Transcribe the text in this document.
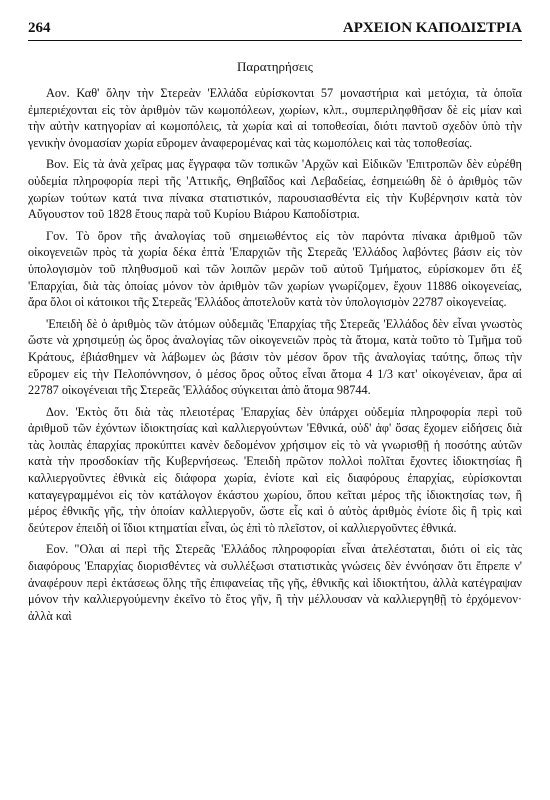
264	ΑΡΧΕΙΟΝ ΚΑΠΟΔΙΣΤΡΙΑ
Παρατηρήσεις

Αον. Καθ' ὅλην τὴν Στερεὰν 'Ελλάδα εὑρίσκονται 57 μοναστήρια καὶ μετόχια, τὰ ὁποῖα ἐμπεριέχονται εἰς τὸν ἀριθμὸν τῶν κωμοπόλεων, χωρίων, κλπ., συμπεριληφθῆσαν δὲ εἰς μίαν καὶ τὴν αὐτὴν κατηγορίαν αἱ κωμοπόλεις, τὰ χωρία καὶ αἱ τοποθεσίαι, διότι παντοῦ σχεδὸν ὑπὸ τὴν γενικὴν ὀνομασίαν χωρία εὕρομεν ἀναφερομένας καὶ τὰς κωμοπόλεις καὶ τὰς τοποθεσίας.

Βον. Εἰς τὰ ἀνὰ χεῖρας μας ἔγγραφα τῶν τοπικῶν 'Αρχῶν καὶ Εἰδικῶν 'Επιτροπῶν δὲν εὑρέθη οὐδεμία πληροφορία περὶ τῆς 'Αττικῆς, Θηβαΐδος καὶ Λεβαδείας, ἐσημειώθη δὲ ὁ ἀριθμὸς τῶν χωρίων τούτων κατά τινα πίνακα στατιστικόν, παρουσιασθέντα εἰς τὴν Κυβέρνησιν κατὰ τὸν Αὔγουστον τοῦ 1828 ἔτους παρὰ τοῦ Κυρίου Βιάρου Καποδίστρια.

Γον. Τὸ ὅρον τῆς ἀναλογίας τοῦ σημειωθέντος εἰς τὸν παρόντα πίνακα ἀριθμοῦ τῶν οἰκογενειῶν πρὸς τὰ χωρία δέκα ἑπτὰ 'Επαρχιῶν τῆς Στερεᾶς 'Ελλάδος λαβόντες βάσιν εἰς τὸν ὑπολογισμὸν τοῦ πληθυσμοῦ καὶ τῶν λοιπῶν μερῶν τοῦ αὐτοῦ Τμήματος, εὑρίσκομεν ὅτι ἐξ 'Επαρχίαι, διὰ τὰς ὁποίας μόνον τὸν ἀριθμὸν τῶν χωρίων γνωρίζομεν, ἔχουν 11886 οἰκογενείας, ἄρα ὅλοι οἱ κάτοικοι τῆς Στερεᾶς 'Ελλάδος ἀποτελοῦν κατὰ τὸν ὑπολογισμὸν 22787 οἰκογενείας.

'Επειδὴ δὲ ὁ ἀριθμὸς τῶν ἀτόμων οὐδεμιᾶς 'Επαρχίας τῆς Στερεᾶς 'Ελλάδος δὲν εἶναι γνωστὸς ὥστε νὰ χρησιμεύῃ ὡς ὅρος ἀναλογίας τῶν οἰκογενειῶν πρὸς τὰ ἄτομα, κατὰ τοῦτο τὸ Τμῆμα τοῦ Κράτους, ἐβιάσθημεν νὰ λάβωμεν ὡς βάσιν τὸν μέσον ὅρον τῆς ἀναλογίας ταύτης, ὅπως τὴν εὕρομεν εἰς τὴν Πελοπόννησον, ὁ μέσος ὅρος οὗτος εἶναι ἄτομα 4 1/3 κατ' οἰκογένειαν, ἄρα αἱ 22787 οἰκογένειαι τῆς Στερεᾶς 'Ελλάδος σύγκειται ἀπὸ ἄτομα 98744.

Δον. 'Εκτὸς ὅτι διὰ τὰς πλειοτέρας 'Επαρχίας δὲν ὑπάρχει οὐδεμία πληροφορία περὶ τοῦ ἀριθμοῦ τῶν ἐχόντων ἰδιοκτησίας καὶ καλλιεργούντων 'Εθνικά, οὐδ' ἀφ' ὅσας ἔχομεν εἰδήσεις διὰ τὰς λοιπὰς ἐπαρχίας προκύπτει κανὲν δεδομένον χρήσιμον εἰς τὸ νὰ γνωρισθῇ ἡ ποσότης αὐτῶν κατὰ τὴν προσδοκίαν τῆς Κυβερνήσεως. 'Επειδὴ πρῶτον πολλοὶ πολῖται ἔχοντες ἰδιοκτησίας ἢ καλλιεργοῦντες ἐθνικὰ εἰς διάφορα χωρία, ἐνίοτε καὶ εἰς διαφόρους ἐπαρχίας, εὑρίσκονται καταγεγραμμένοι εἰς τὸν κατάλογον ἑκάστου χωρίου, ὅπου κεῖται μέρος τῆς ἰδιοκτησίας των, ἢ μέρος ἐθνικῆς γῆς, τὴν ὁποίαν καλλιεργοῦν, ὥστε εἷς καὶ ὁ αὐτὸς ἀριθμὸς ἐνίοτε δὶς ἢ τρὶς καὶ δεύτερον ἐπειδὴ οἱ ἴδιοι κτηματίαι εἶναι, ὡς ἐπὶ τὸ πλεῖστον, οἱ καλλιεργοῦντες ἐθνικά.

Εον. "Ολαι αἱ περὶ τῆς Στερεᾶς 'Ελλάδος πληροφορίαι εἶναι ἀτελέσταται, διότι οἱ εἰς τὰς διαφόρους 'Επαρχίας διορισθέντες νὰ συλλέξωσι στατιστικὰς γνώσεις δὲν ἐννόησαν ὅτι ἔπρεπε ν' ἀναφέρουν περὶ ἐκτάσεως ὅλης τῆς ἐπιφανείας τῆς γῆς, ἐθνικῆς καὶ ἰδιοκτήτου, ἀλλὰ κατέγραψαν μόνον τὴν καλλιεργούμενην ἐκεῖνο τὸ ἔτος γῆν, ἢ τὴν μέλλουσαν νὰ καλλιεργηθῇ τὸ ἐρχόμενον· ἀλλὰ καὶ
